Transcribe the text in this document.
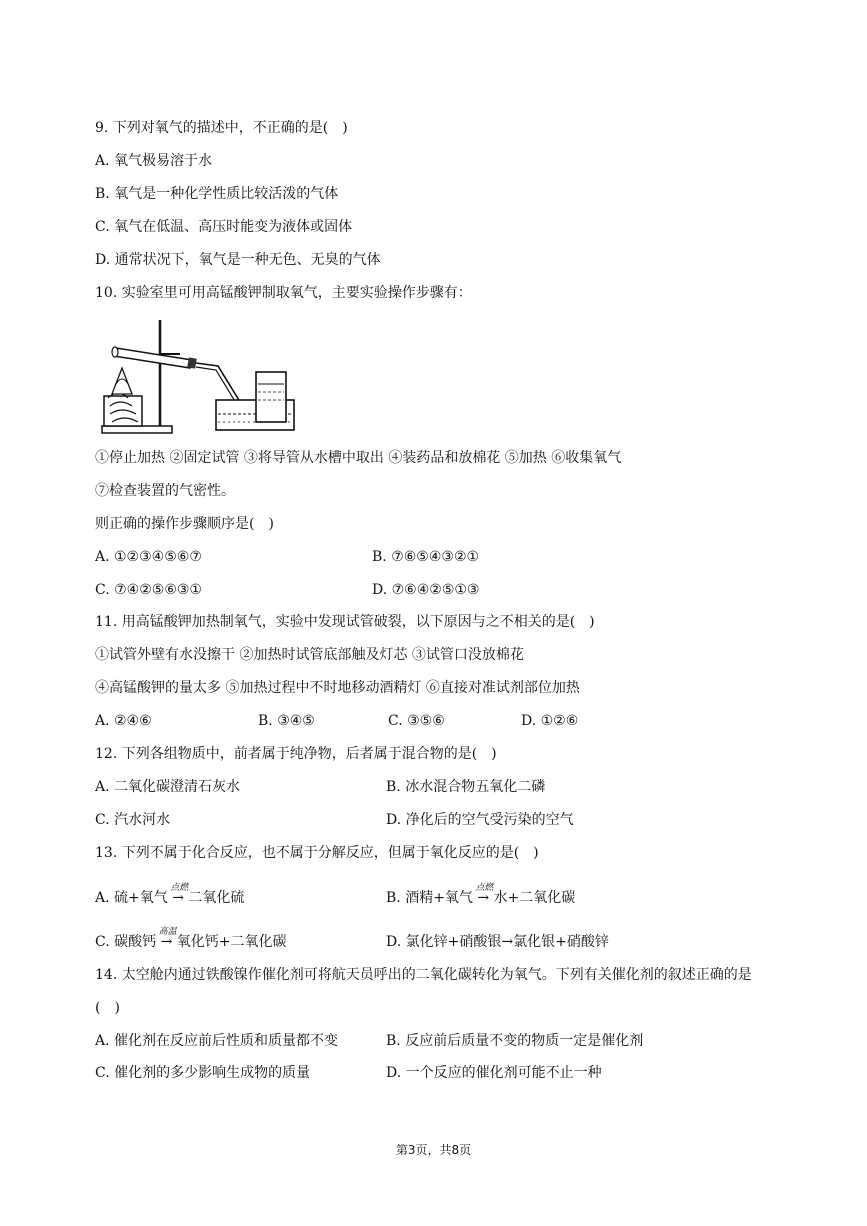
9. 下列对氧气的描述中，不正确的是(　)
A. 氧气极易溶于水
B. 氧气是一种化学性质比较活泼的气体
C. 氧气在低温、高压时能变为液体或固体
D. 通常状况下，氧气是一种无色、无臭的气体
10. 实验室里可用高锰酸钾制取氧气，主要实验操作步骤有：
①停止加热 ②固定试管 ③将导管从水槽中取出 ④装药品和放棉花 ⑤加热 ⑥收集氧气
⑦检查装置的气密性。
则正确的操作步骤顺序是(　)
A. ①②③④⑤⑥⑦	B. ⑦⑥⑤④③②①
C. ⑦④②⑤⑥③①	D. ⑦⑥④②⑤①③
11. 用高锰酸钾加热制氧气，实验中发现试管破裂，以下原因与之不相关的是(　)
①试管外壁有水没擦干 ②加热时试管底部触及灯芯 ③试管口没放棉花
④高锰酸钾的量太多 ⑤加热过程中不时地移动酒精灯 ⑥直接对准试剂部位加热
A. ②④⑥	B. ③④⑤	C. ③⑤⑥	D. ①②⑥
12. 下列各组物质中，前者属于纯净物，后者属于混合物的是(　)
A. 二氧化碳澄清石灰水	B. 冰水混合物五氧化二磷
C. 汽水河水	D. 净化后的空气受污染的空气
13. 下列不属于化合反应，也不属于分解反应，但属于氧化反应的是(　)
A. 硫+氧气
点燃
→ 二氧化硫	B. 酒精+氧气
点燃
→ 水+二氧化碳
C. 碳酸钙
高温
→ 氧化钙+二氧化碳	D. 氯化锌+硝酸银→氯化银+硝酸锌
14. 太空舱内通过铁酸镍作催化剂可将航天员呼出的二氧化碳转化为氧气。下列有关催化剂的叙述正确的是
(　)
A. 催化剂在反应前后性质和质量都不变	B. 反应前后质量不变的物质一定是催化剂
C. 催化剂的多少影响生成物的质量	D. 一个反应的催化剂可能不止一种
第3页，共8页
